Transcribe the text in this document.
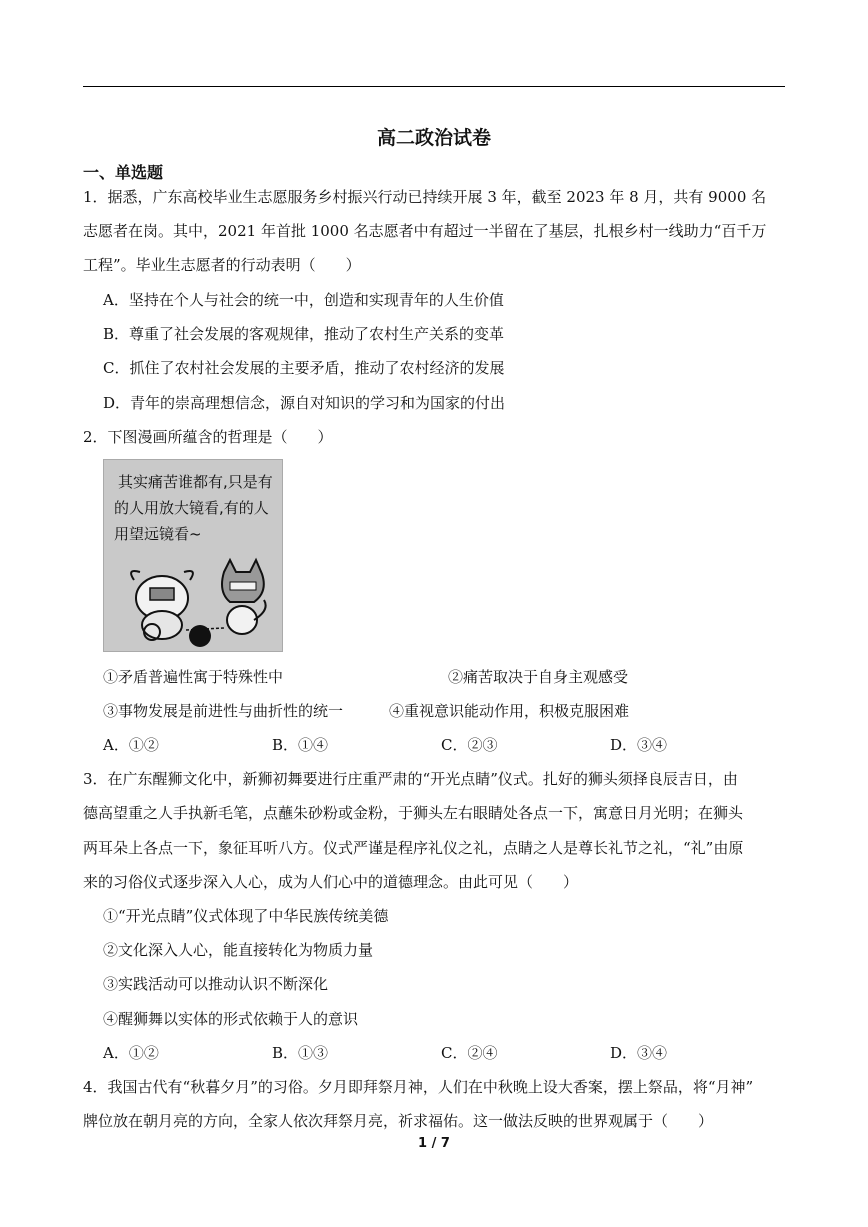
高二政治试卷
一、单选题
1．据悉，广东高校毕业生志愿服务乡村振兴行动已持续开展 3 年，截至 2023 年 8 月，共有 9000 名
志愿者在岗。其中，2021 年首批 1000 名志愿者中有超过一半留在了基层，扎根乡村一线助力“百千万
工程”。毕业生志愿者的行动表明（　　）
A．坚持在个人与社会的统一中，创造和实现青年的人生价值
B．尊重了社会发展的客观规律，推动了农村生产关系的变革
C．抓住了农村社会发展的主要矛盾，推动了农村经济的发展
D．青年的崇高理想信念，源自对知识的学习和为国家的付出
2．下图漫画所蕴含的哲理是（　　）
其实痛苦谁都有,只是有
的人用放大镜看,有的人
用望远镜看~
①矛盾普遍性寓于特殊性中	②痛苦取决于自身主观感受
③事物发展是前进性与曲折性的统一	④重视意识能动作用，积极克服困难
A．①②	B．①④	C．②③	D．③④
3．在广东醒狮文化中，新狮初舞要进行庄重严肃的“开光点睛”仪式。扎好的狮头须择良辰吉日，由
德高望重之人手执新毛笔，点蘸朱砂粉或金粉，于狮头左右眼睛处各点一下，寓意日月光明；在狮头
两耳朵上各点一下，象征耳听八方。仪式严谨是程序礼仪之礼，点睛之人是尊长礼节之礼，“礼”由原
来的习俗仪式逐步深入人心，成为人们心中的道德理念。由此可见（　　）
①“开光点睛”仪式体现了中华民族传统美德
②文化深入人心，能直接转化为物质力量
③实践活动可以推动认识不断深化
④醒狮舞以实体的形式依赖于人的意识
A．①②	B．①③	C．②④	D．③④
4．我国古代有“秋暮夕月”的习俗。夕月即拜祭月神，人们在中秋晚上设大香案，摆上祭品，将“月神”
牌位放在朝月亮的方向，全家人依次拜祭月亮，祈求福佑。这一做法反映的世界观属于（　　）
1 / 7
